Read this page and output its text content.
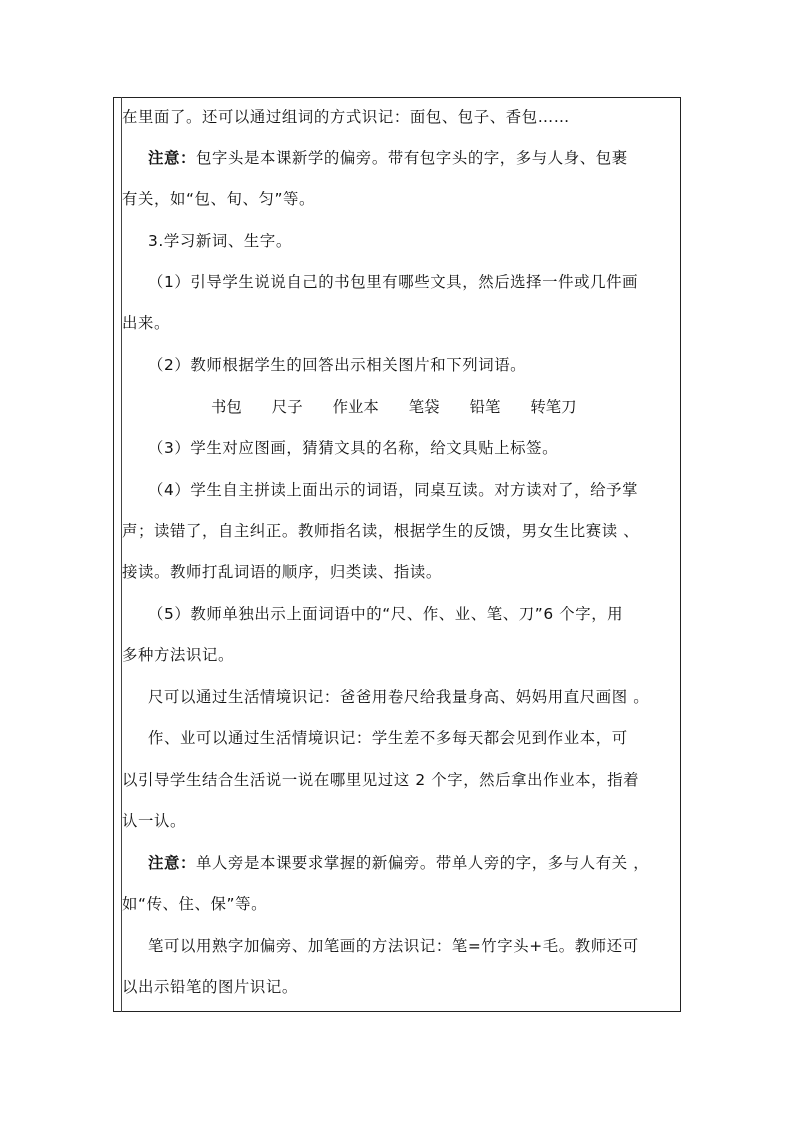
在里面了。还可以通过组词的方式识记：面包、包子、香包……
注意：包字头是本课新学的偏旁。带有包字头的字，多与人身、包裹
有关，如“包、旬、匀”等。
3.学习新词、生字。
（1）引导学生说说自己的书包里有哪些文具，然后选择一件或几件画
出来。
（2）教师根据学生的回答出示相关图片和下列词语。
书包 尺子 作业本 笔袋 铅笔 转笔刀
（3）学生对应图画，猜猜文具的名称，给文具贴上标签。
（4）学生自主拼读上面出示的词语，同桌互读。对方读对了，给予掌
声；读错了，自主纠正。教师指名读，根据学生的反馈，男女生比赛读 、
接读。教师打乱词语的顺序，归类读、指读。
（5）教师单独出示上面词语中的“尺、作、业、笔、刀”6 个字，用
多种方法识记。
尺可以通过生活情境识记：爸爸用卷尺给我量身高、妈妈用直尺画图 。
作、业可以通过生活情境识记：学生差不多每天都会见到作业本，可
以引导学生结合生活说一说在哪里见过这 2 个字，然后拿出作业本，指着
认一认。
注意：单人旁是本课要求掌握的新偏旁。带单人旁的字，多与人有关 ，
如“传、住、保”等。
笔可以用熟字加偏旁、加笔画的方法识记：笔=竹字头+毛。教师还可
以出示铅笔的图片识记。
